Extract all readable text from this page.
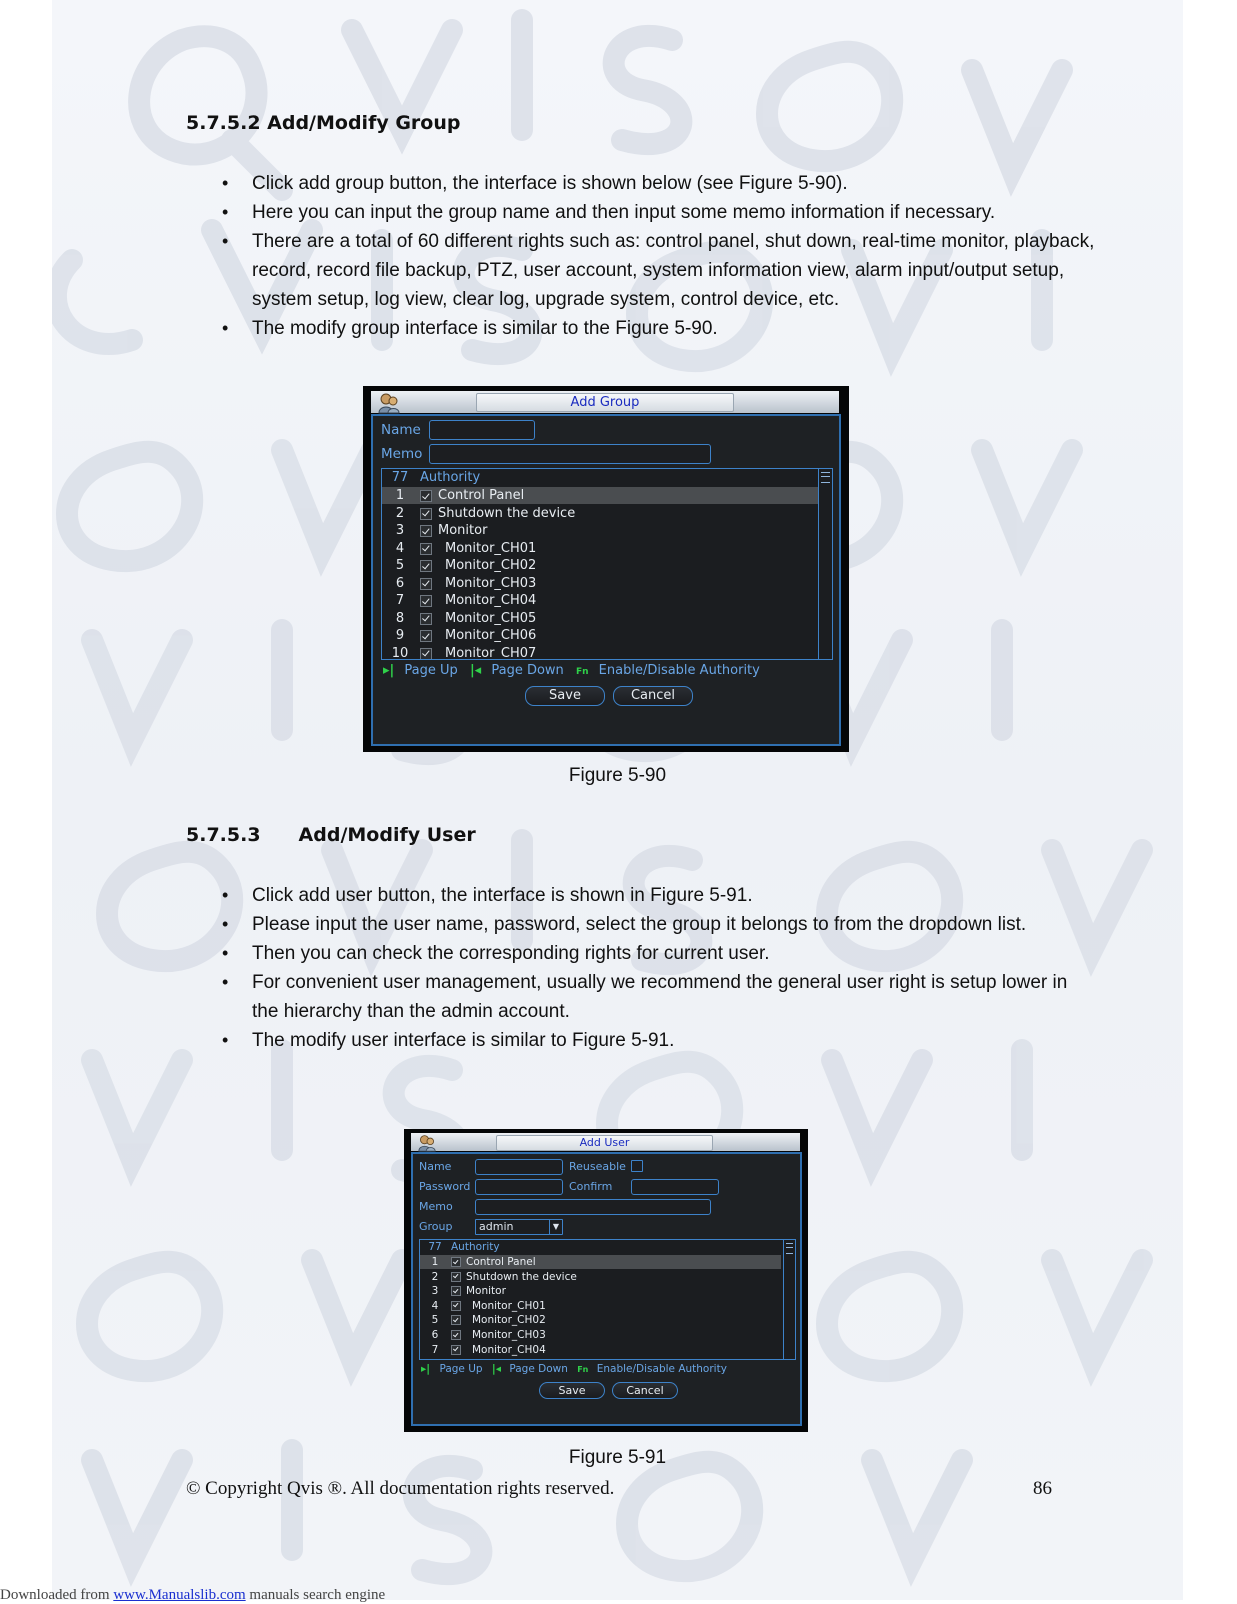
5.7.5.2 Add/Modify Group
• Click add group button, the interface is shown below (see Figure 5-90).
• Here you can input the group name and then input some memo information if necessary.
• There are a total of 60 different rights such as: control panel, shut down, real-time monitor, playback, record, record file backup, PTZ, user account, system information view, alarm input/output setup, system setup, log view, clear log, upgrade system, control device, etc.
• The modify group interface is similar to the Figure 5-90.
Add Group
Name
Memo
77 Authority
1	Control Panel
2	Shutdown the device
3	Monitor
4	Monitor_CH01
5	Monitor_CH02
6	Monitor_CH03
7	Monitor_CH04
8	Monitor_CH05
9	Monitor_CH06
10	Monitor_CH07
▸| Page Up |◂ Page Down Fn Enable/Disable Authority
Save	Cancel
Figure 5-90
5.7.5.3 Add/Modify User
• Click add user button, the interface is shown in Figure 5-91.
• Please input the user name, password, select the group it belongs to from the dropdown list.
• Then you can check the corresponding rights for current user.
• For convenient user management, usually we recommend the general user right is setup lower in the hierarchy than the admin account.
• The modify user interface is similar to Figure 5-91.
Add User
Name	Reuseable
Password	Confirm
Memo
Group	admin	▼
77 Authority
1	Control Panel
2	Shutdown the device
3	Monitor
4	Monitor_CH01
5	Monitor_CH02
6	Monitor_CH03
7	Monitor_CH04
▸| Page Up |◂ Page Down Fn Enable/Disable Authority
Save	Cancel
Figure 5-91
© Copyright Qvis ®. All documentation rights reserved.	86
Downloaded from www.Manualslib.com manuals search engine
